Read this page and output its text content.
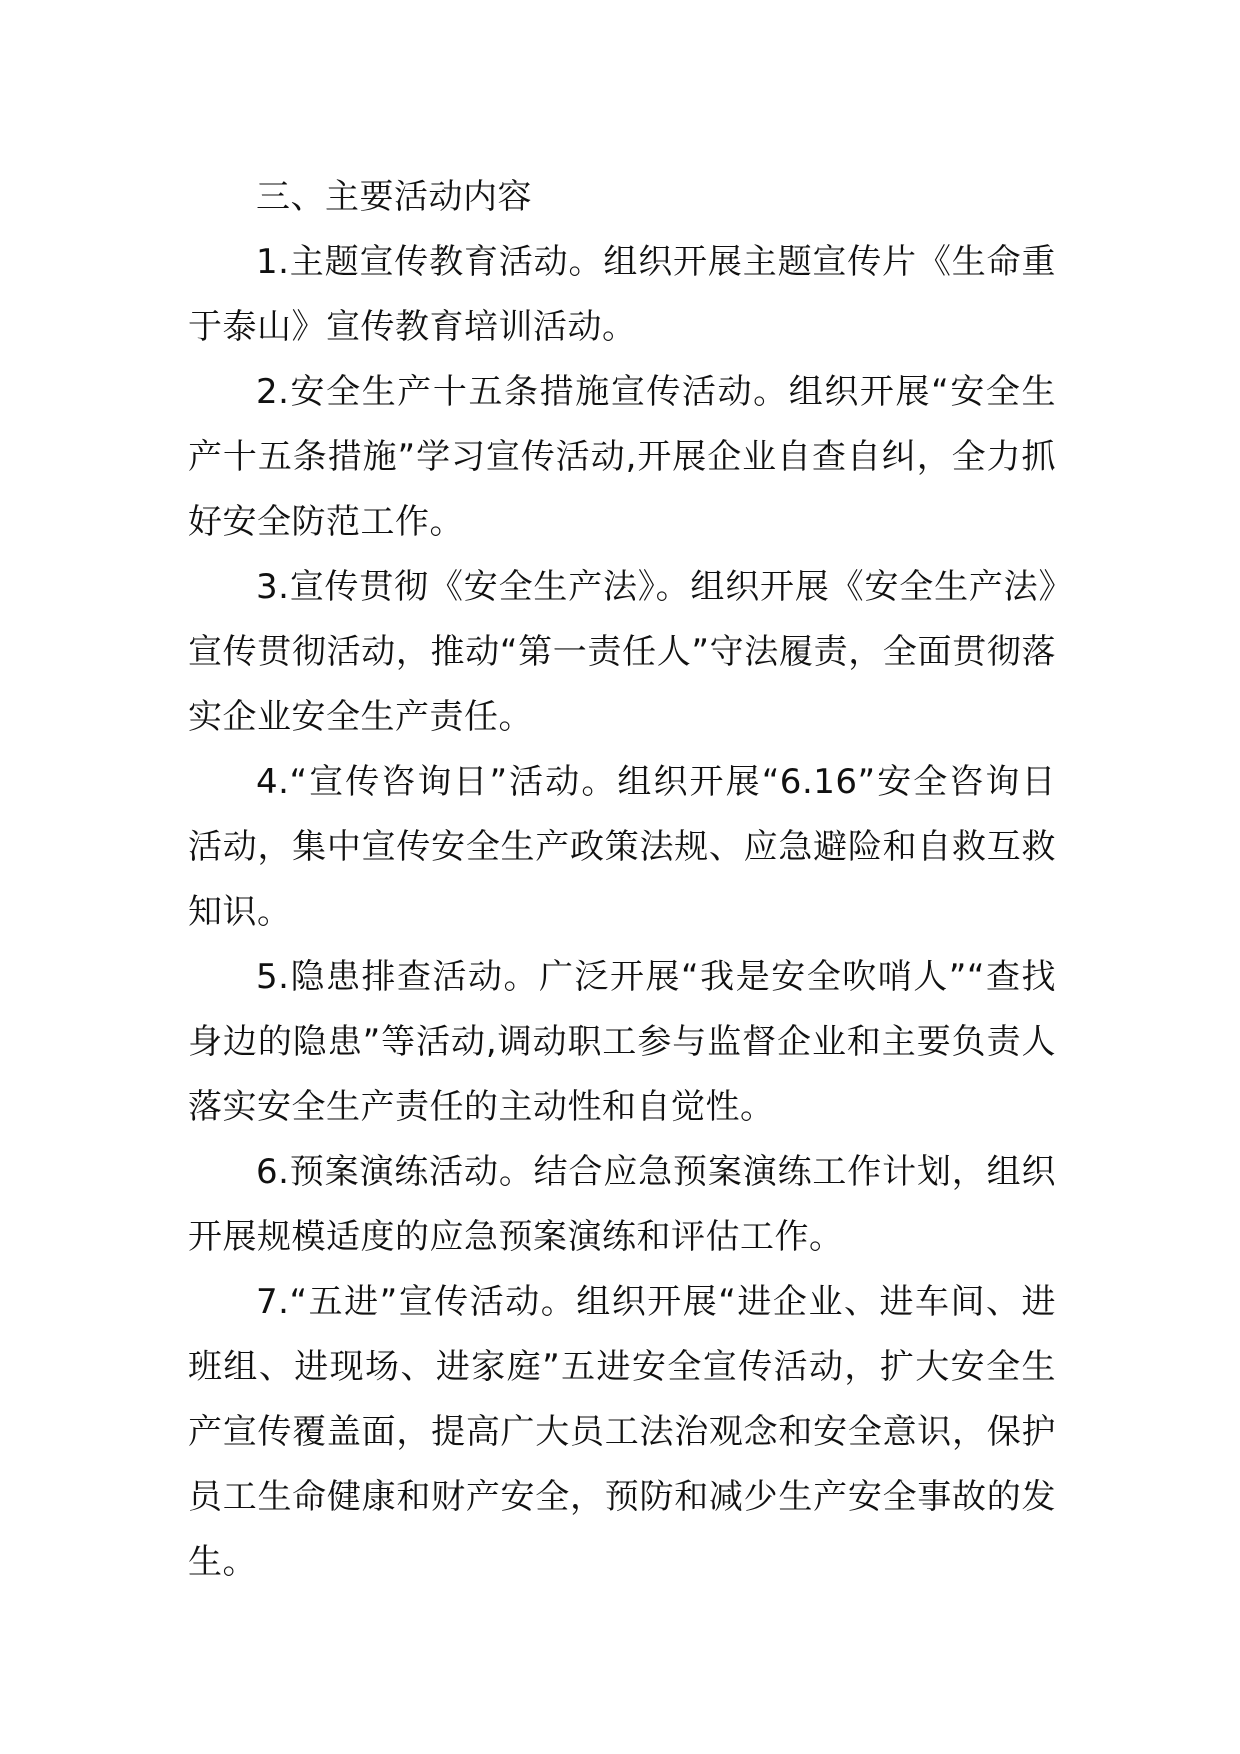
三、主要活动内容

1.主题宣传教育活动。组织开展主题宣传片《生命重于泰山》宣传教育培训活动。

2.安全生产十五条措施宣传活动。组织开展“安全生产十五条措施”学习宣传活动,开展企业自查自纠，全力抓好安全防范工作。

3.宣传贯彻《安全生产法》。组织开展《安全生产法》宣传贯彻活动，推动“第一责任人”守法履责，全面贯彻落实企业安全生产责任。

4.“宣传咨询日”活动。组织开展“6.16”安全咨询日活动，集中宣传安全生产政策法规、应急避险和自救互救知识。

5.隐患排查活动。广泛开展“我是安全吹哨人”“查找身边的隐患”等活动,调动职工参与监督企业和主要负责人落实安全生产责任的主动性和自觉性。

6.预案演练活动。结合应急预案演练工作计划，组织开展规模适度的应急预案演练和评估工作。

7.“五进”宣传活动。组织开展“进企业、进车间、进班组、进现场、进家庭”五进安全宣传活动，扩大安全生产宣传覆盖面，提高广大员工法治观念和安全意识，保护员工生命健康和财产安全，预防和减少生产安全事故的发生。
